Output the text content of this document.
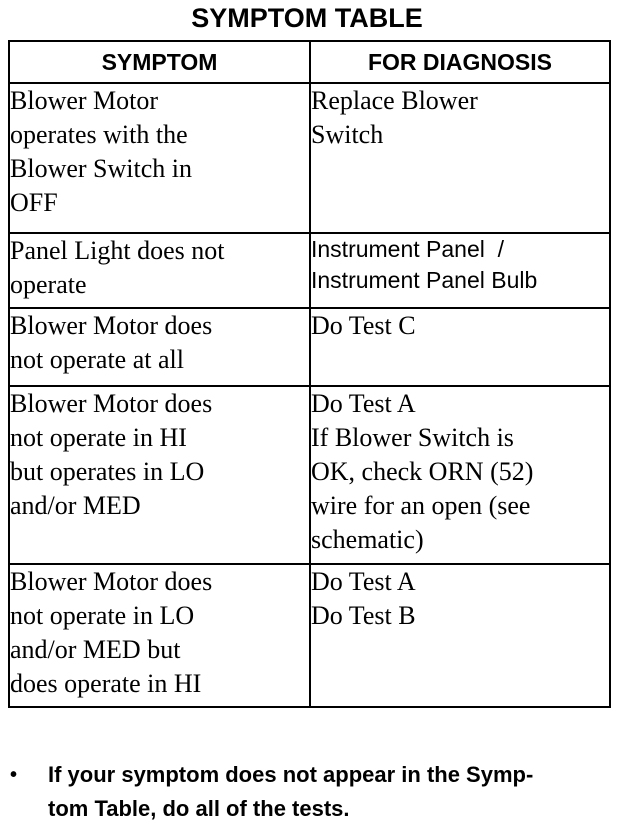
SYMPTOM TABLE
SYMPTOM	FOR DIAGNOSIS

Blower Motor
operates with the
Blower Switch in
OFF	Replace Blower
Switch

Panel Light does not
operate	Instrument Panel  /
Instrument Panel Bulb

Blower Motor does
not operate at all	Do Test C

Blower Motor does
not operate in HI
but operates in LO
and/or MED	Do Test A
If Blower Switch is
OK, check ORN (52)
wire for an open (see
schematic)

Blower Motor does
not operate in LO
and/or MED but
does operate in HI	Do Test A
Do Test B
•	If your symptom does not appear in the Symp-
tom Table, do all of the tests.
